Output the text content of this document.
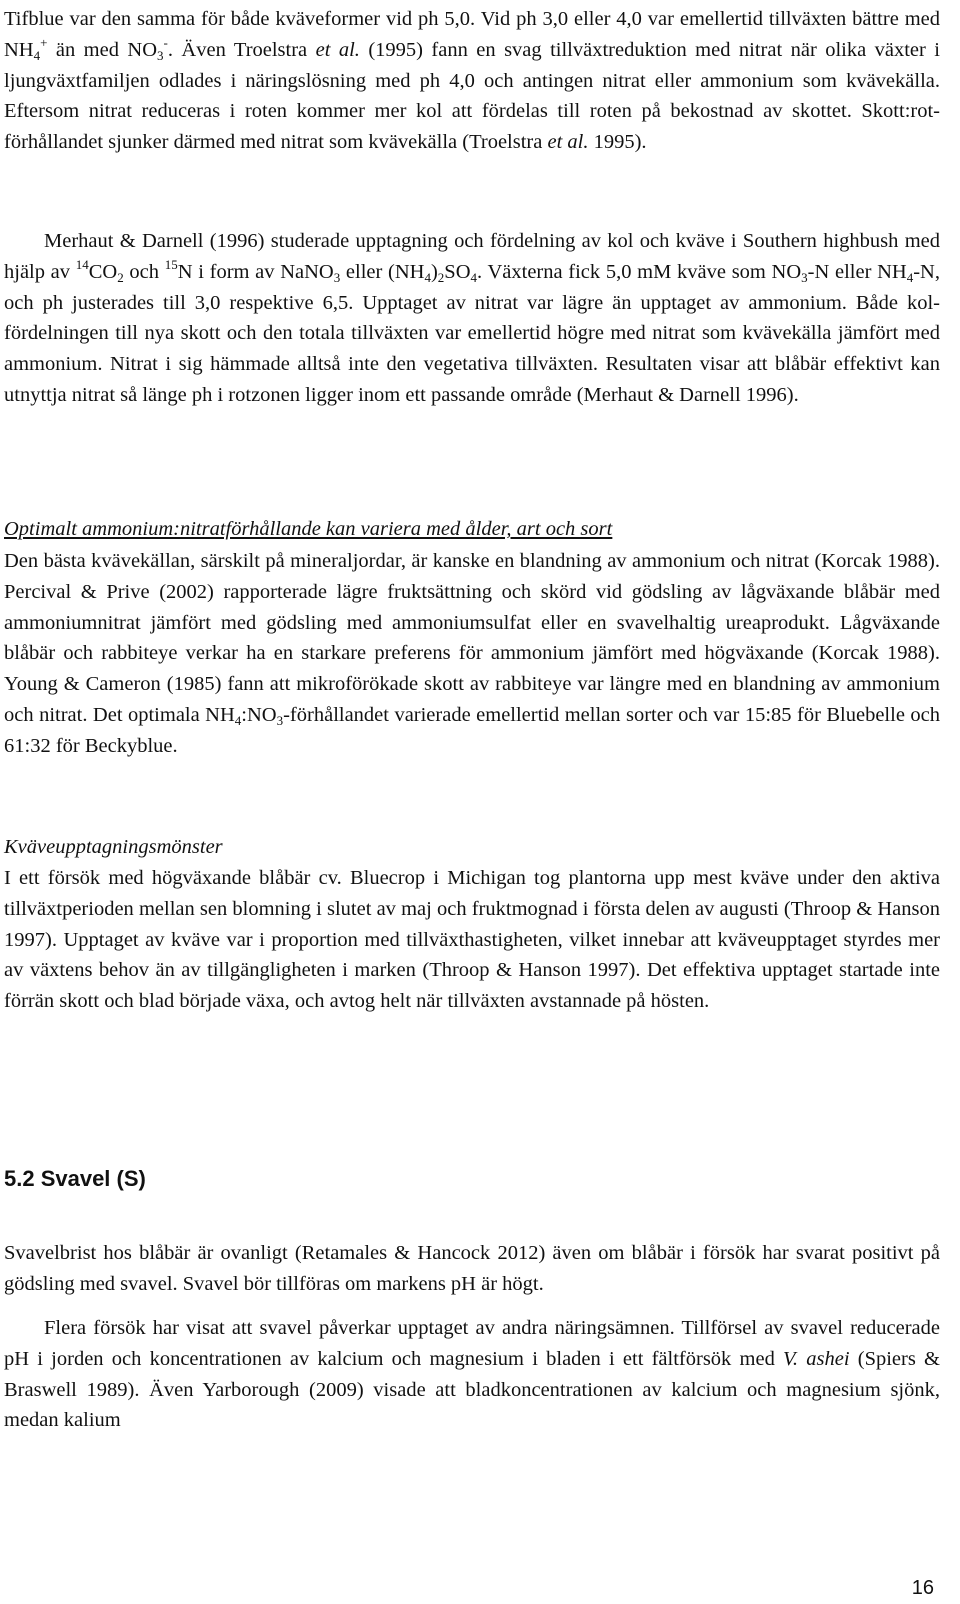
Tifblue var den samma för både kväveformer vid ph 5,0. Vid ph 3,0 eller 4,0 var emellertid tillväxten bättre med $NH_4^+$ än med $NO_3^-$. Även Troelstra et al. (1995) fann en svag tillväxtreduktion med nitrat när olika växter i ljungväxtfamiljen odlades i näringslösning med ph 4,0 och antingen nitrat eller ammonium som kvävekälla. Eftersom nitrat reduceras i roten kommer mer kol att fördelas till roten på bekostnad av skottet. Skott:rot-förhållandet sjunker därmed med nitrat som kvävekälla (Troelstra et al. 1995).

Merhaut & Darnell (1996) studerade upptagning och fördelning av kol och kväve i Southern highbush med hjälp av $^{14}CO_2$ och $^{15}$N i form av NaNO$_3$ eller $(NH_4)_2SO_4$. Växterna fick 5,0 mM kväve som $NO_3-N$ eller $NH_4-N$, och ph justerades till 3,0 respektive 6,5. Upptaget av nitrat var lägre än upptaget av ammonium. Både kol-fördelningen till nya skott och den totala tillväxten var emellertid högre med nitrat som kvävekälla jämfört med ammonium. Nitrat i sig hämmade alltså inte den vegetativa tillväxten. Resultaten visar att blåbär effektivt kan utnyttja nitrat så länge ph i rotzonen ligger inom ett passande område (Merhaut & Darnell 1996).

Optimalt ammonium:nitratförhållande kan variera med ålder, art och sort

Den bästa kvävekällan, särskilt på mineraljordar, är kanske en blandning av ammonium och nitrat (Korcak 1988). Percival & Prive (2002) rapporterade lägre fruktsättning och skörd vid gödsling av lågväxande blåbär med ammoniumnitrat jämfört med gödsling med ammoniumsulfat eller en svavelhaltig ureaprodukt. Lågväxande blåbär och rabbiteye verkar ha en starkare preferens för ammonium jämfört med högväxande (Korcak 1988). Young & Cameron (1985) fann att mikroförökade skott av rabbiteye var längre med en blandning av ammonium och nitrat. Det optimala $NH_4:NO_3$-förhållandet varierade emellertid mellan sorter och var 15:85 för Bluebelle och 61:32 för Beckyblue.

Kväveupptagningsmönster

I ett försök med högväxande blåbär cv. Bluecrop i Michigan tog plantorna upp mest kväve under den aktiva tillväxtperioden mellan sen blomning i slutet av maj och fruktmognad i första delen av augusti (Throop & Hanson 1997). Upptaget av kväve var i proportion med tillväxthastigheten, vilket innebar att kväveupptaget styrdes mer av växtens behov än av tillgängligheten i marken (Throop & Hanson 1997). Det effektiva upptaget startade inte förrän skott och blad började växa, och avtog helt när tillväxten avstannade på hösten.

5.2 Svavel (S)

Svavelbrist hos blåbär är ovanligt (Retamales & Hancock 2012) även om blåbär i försök har svarat positivt på gödsling med svavel. Svavel bör tillföras om markens pH är högt.

Flera försök har visat att svavel påverkar upptaget av andra näringsämnen. Tillförsel av svavel reducerade pH i jorden och koncentrationen av kalcium och magnesium i bladen i ett fältförsök med V. ashei (Spiers & Braswell 1989). Även Yarborough (2009) visade att bladkoncentrationen av kalcium och magnesium sjönk, medan kalium

16
